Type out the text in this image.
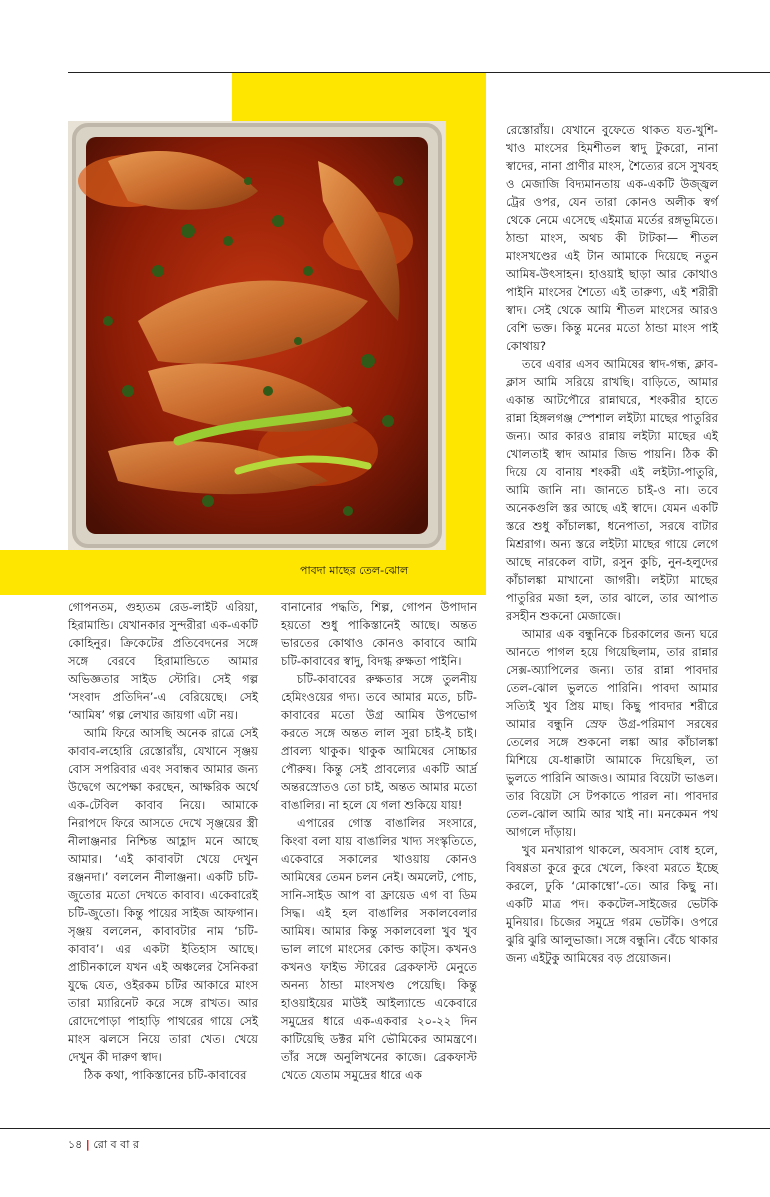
পাবদা মাছের তেল-ঝোল

গোপনতম, গুহ্যতম রেড-লাইট এরিয়া, হিরামান্ডি। যেখানকার সুন্দরীরা এক-একটি কোহিনুর। ক্রিকেটের প্রতিবেদনের সঙ্গে সঙ্গে বেরবে হিরামান্ডিতে আমার অভিজ্ঞতার সাইড স্টোরি। সেই গল্প ‘সংবাদ প্রতিদিন’-এ বেরিয়েছে। সেই ‘আমিষ’ গল্প লেখার জায়গা এটা নয়।

আমি ফিরে আসছি অনেক রাত্রে সেই কাবাব-লহোরি রেস্তোরাঁয়, যেখানে সৃঞ্জয় বোস সপরিবার এবং সবান্ধব আমার জন্য উদ্বেগে অপেক্ষা করছেন, আক্ষরিক অর্থে এক-টেবিল কাবাব নিয়ে। আমাকে নিরাপদে ফিরে আসতে দেখে সৃঞ্জয়ের স্ত্রী নীলাঞ্জনার নিশ্চিন্ত আহ্লাদ মনে আছে আমার। ‘এই কাবাবটা খেয়ে দেখুন রঞ্জনদা।’ বললেন নীলাঞ্জনা। একটি চটি-জুতোর মতো দেখতে কাবাব। একেবারেই চটি-জুতো। কিন্তু পায়ের সাইজ আফগান। সৃঞ্জয় বললেন, কাবাবটার নাম ‘চটি-কাবাব’। এর একটা ইতিহাস আছে। প্রাচীনকালে যখন এই অঞ্চলের সৈনিকরা যুদ্ধে যেত, ওইরকম চটির আকারে মাংস তারা ম্যারিনেট করে সঙ্গে রাখত। আর রোদেপোড়া পাহাড়ি পাথরের গায়ে সেই মাংস ঝলসে নিয়ে তারা খেত। খেয়ে দেখুন কী দারুণ স্বাদ।

ঠিক কথা, পাকিস্তানের চটি-কাবাবের

বানানোর পদ্ধতি, শিল্প, গোপন উপাদান হয়তো শুধু পাকিস্তানেই আছে। অন্তত ভারতের কোথাও কোনও কাবাবে আমি চটি-কাবাবের স্বাদু, বিদগ্ধ রুক্ষতা পাইনি।

চটি-কাবাবের রুক্ষতার সঙ্গে তুলনীয় হেমিংওয়ের গদ্য। তবে আমার মতে, চটি-কাবাবের মতো উগ্র আমিষ উপভোগ করতে সঙ্গে অন্তত লাল সুরা চাই-ই চাই। প্রাবল্য থাকুক। থাকুক আমিষের সোচ্চার পৌরুষ। কিন্তু সেই প্রাবল্যের একটি আর্দ্র অন্তরস্রোতও তো চাই, অন্তত আমার মতো বাঙালির। না হলে যে গলা শুকিয়ে যায়!

এপারের গোস্ত বাঙালির সংসারে, কিংবা বলা যায় বাঙালির খাদ্য সংস্কৃতিতে, একেবারে সকালের খাওয়ায় কোনও আমিষের তেমন চলন নেই। অমলেট, পোচ, সানি-সাইড আপ বা ফ্রায়েড এগ বা ডিম সিদ্ধ। এই হল বাঙালির সকালবেলার আমিষ। আমার কিন্তু সকালবেলা খুব খুব ভাল লাগে মাংসের কোল্ড কাট্‌স। কখনও কখনও ফাইভ স্টারের ব্রেকফাস্ট মেনুতে অনন্য ঠান্ডা মাংসখণ্ড পেয়েছি। কিন্তু হাওয়াইয়ের মাউই আইল্যান্ডে একেবারে সমুদ্রের ধারে এক-একবার ২০-২২ দিন কাটিয়েছি ডক্টর মণি ভৌমিকের আমন্ত্রণে। তাঁর সঙ্গে অনুলিখনের কাজে। ব্রেকফাস্ট খেতে যেতাম সমুদ্রের ধারে এক

রেস্তোরাঁয়। যেখানে বুফেতে থাকত যত-খুশি-খাও মাংসের হিমশীতল স্বাদু টুকরো, নানা স্বাদের, নানা প্রাণীর মাংস, শৈত্যের রসে সুখবহ ও মেজাজি বিদ্যমানতায় এক-একটি উজ্জ্বল ট্রের ওপর, যেন তারা কোনও অলীক স্বর্গ থেকে নেমে এসেছে এইমাত্র মর্তের রঙ্গভূমিতে। ঠান্ডা মাংস, অথচ কী টাটকা— শীতল মাংসখণ্ডের এই টান আমাকে দিয়েছে নতুন আমিষ-উৎসাহন। হাওয়াই ছাড়া আর কোথাও পাইনি মাংসের শৈত্যে এই তারুণ্য, এই শরীরী স্বাদ। সেই থেকে আমি শীতল মাংসের আরও বেশি ভক্ত। কিন্তু মনের মতো ঠান্ডা মাংস পাই কোথায়?

তবে এবার এসব আমিষের স্বাদ-গন্ধ, ক্লাব-ক্লাস আমি সরিয়ে রাখছি। বাড়িতে, আমার একান্ত আটপৌরে রান্নাঘরে, শংকরীর হাতে রান্না হিঙ্গলগঞ্জ স্পেশাল লইট্যা মাছের পাতুরির জন্য। আর কারও রান্নায় লইট্যা মাছের এই খোলতাই স্বাদ আমার জিভ পায়নি। ঠিক কী দিয়ে যে বানায় শংকরী এই লইট্যা-পাতুরি, আমি জানি না। জানতে চাই-ও না। তবে অনেকগুলি স্তর আছে এই স্বাদে। যেমন একটি স্তরে শুধু কাঁচালঙ্কা, ধনেপাতা, সরষে বাটার মিশ্ররাগ। অন্য স্তরে লইট্যা মাছের গায়ে লেগে আছে নারকেল বাটা, রসুন কুচি, নুন-হলুদের কাঁচালঙ্কা মাখানো জাগরী। লইট্যা মাছের পাতুরির মজা হল, তার ঝালে, তার আপাত রসহীন শুকনো মেজাজে।

আমার এক বন্ধুনিকে চিরকালের জন্য ঘরে আনতে পাগল হয়ে গিয়েছিলাম, তার রান্নার সেক্স-অ্যাপিলের জন্য। তার রান্না পাবদার তেল-ঝোল ভুলতে পারিনি। পাবদা আমার সত্যিই খুব প্রিয় মাছ। কিছু পাবদার শরীরে আমার বন্ধুনি স্রেফ উগ্র-পরিমাণ সরষের তেলের সঙ্গে শুকনো লঙ্কা আর কাঁচালঙ্কা মিশিয়ে যে-ধাক্কাটা আমাকে দিয়েছিল, তা ভুলতে পারিনি আজও। আমার বিয়েটা ভাঙল। তার বিয়েটা সে টপকাতে পারল না। পাবদার তেল-ঝোল আমি আর খাই না। মনকেমন পথ আগলে দাঁড়ায়।

খুব মনখারাপ থাকলে, অবসাদ বোধ হলে, বিষণ্ণতা কুরে কুরে খেলে, কিংবা মরতে ইচ্ছে করলে, ঢুকি ‘মোকাম্বো’-তে। আর কিছু না। একটি মাত্র পদ। ককটেল-সাইজের ভেটকি মুনিয়ার। চিজের সমুদ্রে গরম ভেটকি। ওপরে ঝুরি ঝুরি আলুভাজা। সঙ্গে বন্ধুনি। বেঁচে থাকার জন্য এইটুকু আমিষের বড় প্রয়োজন।

১৪ | রো ব বা র
